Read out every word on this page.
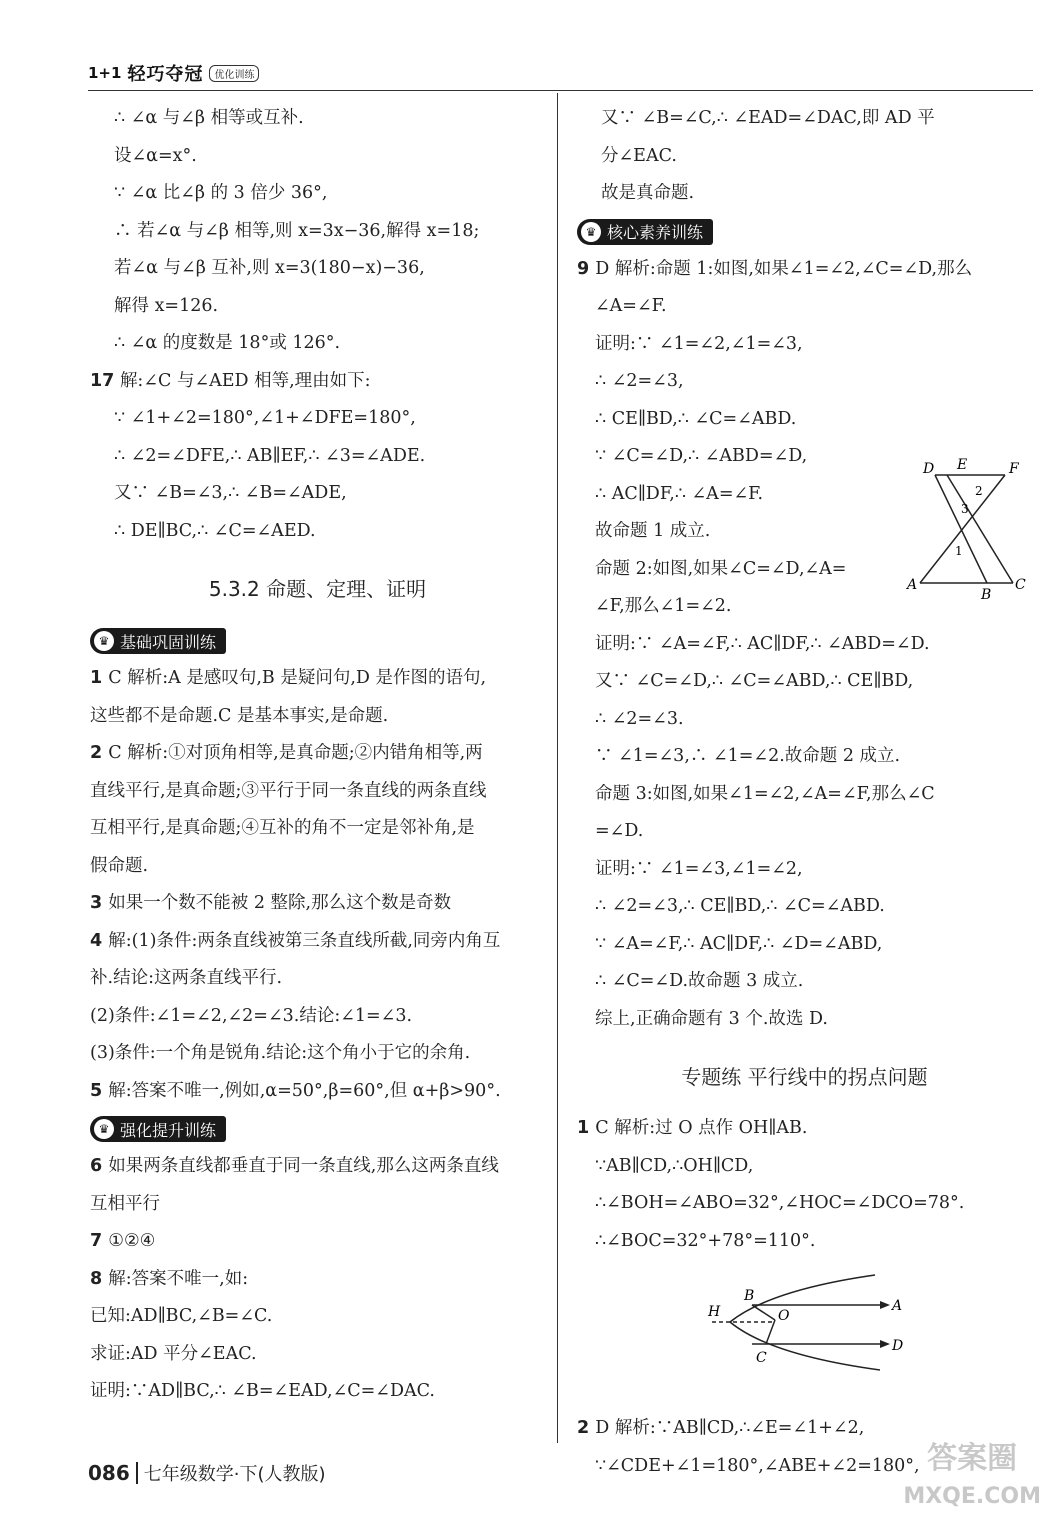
1+1 轻巧夺冠	优化训练
∴ ∠α 与∠β 相等或互补.
设∠α=x°.
∵ ∠α 比∠β 的 3 倍少 36°,
∴ 若∠α 与∠β 相等,则 x=3x−36,解得 x=18;
若∠α 与∠β 互补,则 x=3(180−x)−36,
解得 x=126.
∴ ∠α 的度数是 18°或 126°.
17 解:∠C 与∠AED 相等,理由如下:
∵ ∠1+∠2=180°,∠1+∠DFE=180°,
∴ ∠2=∠DFE,∴ AB∥EF,∴ ∠3=∠ADE.
又∵ ∠B=∠3,∴ ∠B=∠ADE,
∴ DE∥BC,∴ ∠C=∠AED.
5.3.2 命题、定理、证明
♛ 基础巩固训练
1 C 解析:A 是感叹句,B 是疑问句,D 是作图的语句,
这些都不是命题.C 是基本事实,是命题.
2 C 解析:①对顶角相等,是真命题;②内错角相等,两
直线平行,是真命题;③平行于同一条直线的两条直线
互相平行,是真命题;④互补的角不一定是邻补角,是
假命题.
3 如果一个数不能被 2 整除,那么这个数是奇数
4 解:(1)条件:两条直线被第三条直线所截,同旁内角互
补.结论:这两条直线平行.
(2)条件:∠1=∠2,∠2=∠3.结论:∠1=∠3.
(3)条件:一个角是锐角.结论:这个角小于它的余角.
5 解:答案不唯一,例如,α=50°,β=60°,但 α+β>90°.
♛ 强化提升训练
6 如果两条直线都垂直于同一条直线,那么这两条直线
互相平行
7 ①②④
8 解:答案不唯一,如:
已知:AD∥BC,∠B=∠C.
求证:AD 平分∠EAC.
证明:∵AD∥BC,∴ ∠B=∠EAD,∠C=∠DAC.
又∵ ∠B=∠C,∴ ∠EAD=∠DAC,即 AD 平
分∠EAC.
故是真命题.
♛ 核心素养训练
9 D 解析:命题 1:如图,如果∠1=∠2,∠C=∠D,那么
∠A=∠F.
证明:∵ ∠1=∠2,∠1=∠3,
∴ ∠2=∠3,
∴ CE∥BD,∴ ∠C=∠ABD.
∵ ∠C=∠D,∴ ∠ABD=∠D,
∴ AC∥DF,∴ ∠A=∠F.
故命题 1 成立.
命题 2:如图,如果∠C=∠D,∠A=
∠F,那么∠1=∠2.
证明:∵ ∠A=∠F,∴ AC∥DF,∴ ∠ABD=∠D.
又∵ ∠C=∠D,∴ ∠C=∠ABD,∴ CE∥BD,
∴ ∠2=∠3.
∵ ∠1=∠3,∴ ∠1=∠2.故命题 2 成立.
命题 3:如图,如果∠1=∠2,∠A=∠F,那么∠C
=∠D.
证明:∵ ∠1=∠3,∠1=∠2,
∴ ∠2=∠3,∴ CE∥BD,∴ ∠C=∠ABD.
∵ ∠A=∠F,∴ AC∥DF,∴ ∠D=∠ABD,
∴ ∠C=∠D.故命题 3 成立.
综上,正确命题有 3 个.故选 D.
专题练 平行线中的拐点问题
1 C 解析:过 O 点作 OH∥AB.
∵AB∥CD,∴OH∥CD,
∴∠BOH=∠ABO=32°,∠HOC=∠DCO=78°.
∴∠BOC=32°+78°=110°.
2 D 解析:∵AB∥CD,∴∠E=∠1+∠2,
∵∠CDE+∠1=180°,∠ABE+∠2=180°,
D E	F
A
B
C
1
2
3
H
B
O
A
C
D
086 七年级数学·下(人教版)	答案圈
MXQE.COM
